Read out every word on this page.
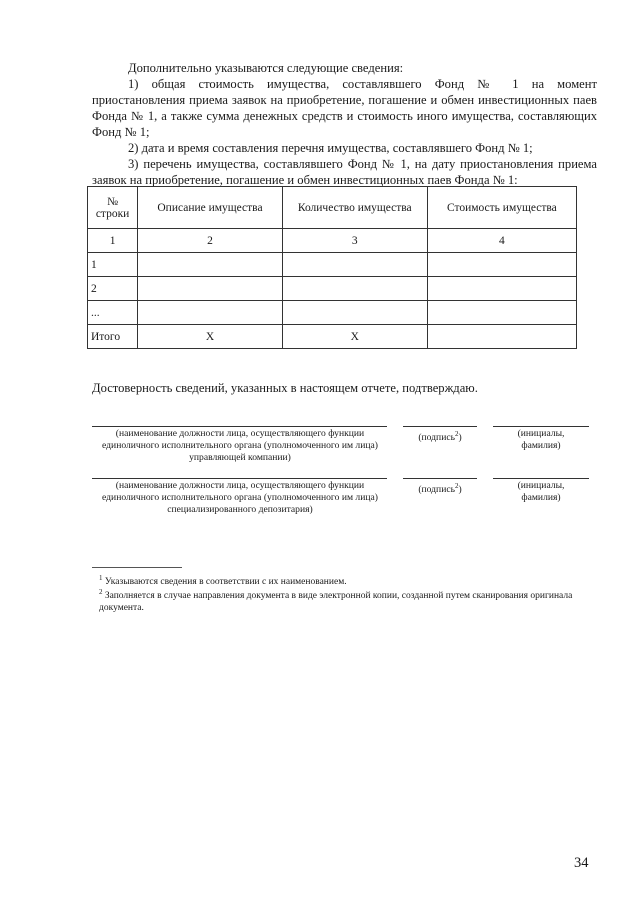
Дополнительно указываются следующие сведения:
1) общая стоимость имущества, составлявшего Фонд № 1 на момент
приостановления приема заявок на приобретение, погашение и обмен инвестиционных паев Фонда № 1, а также сумма денежных средств и стоимость иного имущества, составляющих Фонд № 1;
2) дата и время составления перечня имущества, составлявшего Фонд № 1;
3) перечень имущества, составлявшего Фонд № 1, на дату приостановления приема
заявок на приобретение, погашение и обмен инвестиционных паев Фонда № 1:
№ строки	Описание имущества	Количество имущества	Стоимость имущества
1	2	3	4
1			
2			
...			
Итого	X	X	
Достоверность сведений, указанных в настоящем отчете, подтверждаю.
(наименование должности лица, осуществляющего функции единоличного исполнительного органа (уполномоченного им лица) управляющей компании)
(подпись$^2$)	(инициалы, фамилия)
(наименование должности лица, осуществляющего функции единоличного исполнительного органа (уполномоченного им лица) специализированного депозитария)
(подпись$^2$)	(инициалы, фамилия)
$^1$ Указываются сведения в соответствии с их наименованием.
$^2$ Заполняется в случае направления документа в виде электронной копии, созданной путем сканирования оригинала документа.
34
